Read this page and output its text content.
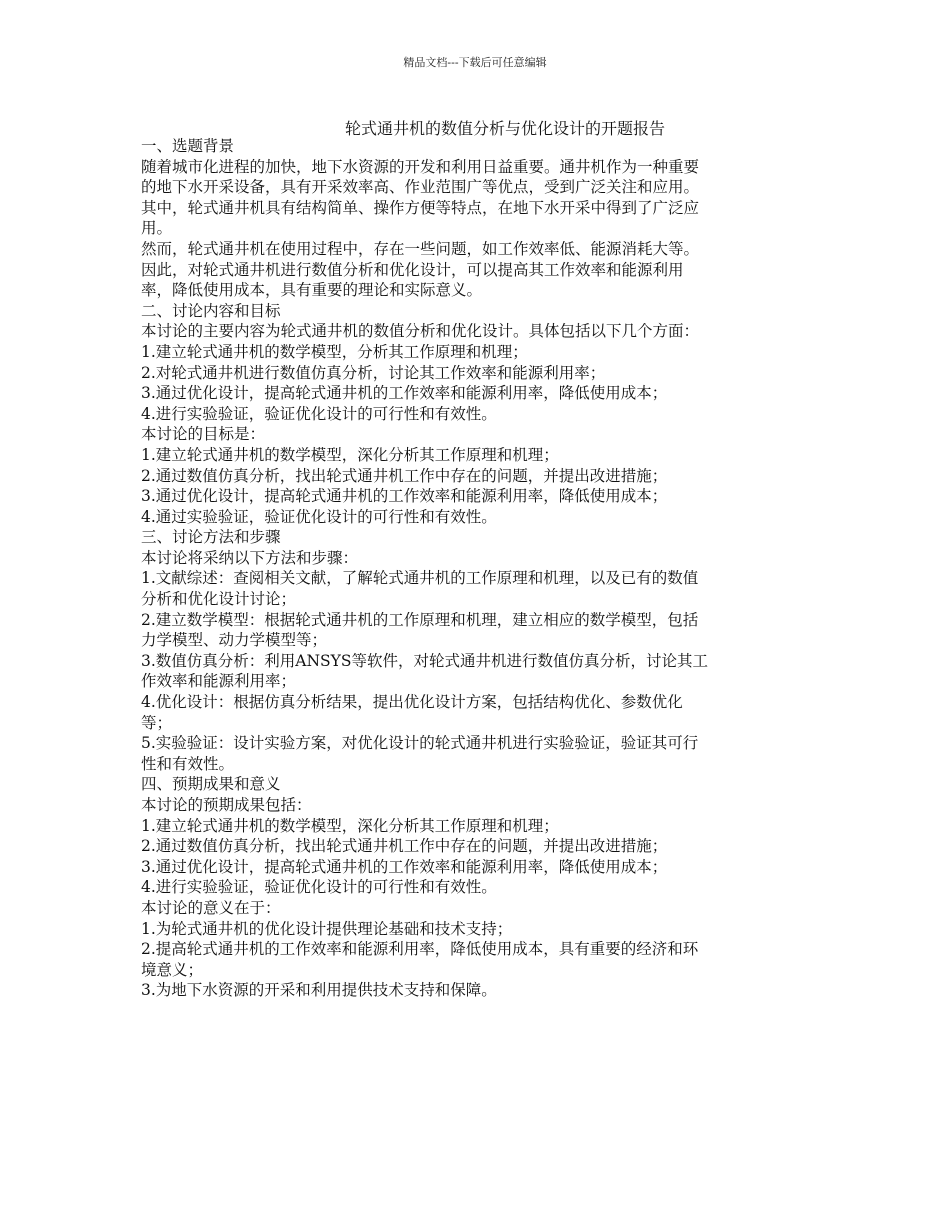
精品文档---下载后可任意编辑
轮式通井机的数值分析与优化设计的开题报告
一、选题背景
随着城市化进程的加快，地下水资源的开发和利用日益重要。通井机作为一种重要
的地下水开采设备，具有开采效率高、作业范围广等优点，受到广泛关注和应用。
其中，轮式通井机具有结构简单、操作方便等特点，在地下水开采中得到了广泛应
用。
然而，轮式通井机在使用过程中，存在一些问题，如工作效率低、能源消耗大等。
因此，对轮式通井机进行数值分析和优化设计，可以提高其工作效率和能源利用
率，降低使用成本，具有重要的理论和实际意义。
二、讨论内容和目标
本讨论的主要内容为轮式通井机的数值分析和优化设计。具体包括以下几个方面：
1.建立轮式通井机的数学模型，分析其工作原理和机理；
2.对轮式通井机进行数值仿真分析，讨论其工作效率和能源利用率；
3.通过优化设计，提高轮式通井机的工作效率和能源利用率，降低使用成本；
4.进行实验验证，验证优化设计的可行性和有效性。
本讨论的目标是：
1.建立轮式通井机的数学模型，深化分析其工作原理和机理；
2.通过数值仿真分析，找出轮式通井机工作中存在的问题，并提出改进措施；
3.通过优化设计，提高轮式通井机的工作效率和能源利用率，降低使用成本；
4.通过实验验证，验证优化设计的可行性和有效性。
三、讨论方法和步骤
本讨论将采纳以下方法和步骤：
1.文献综述：查阅相关文献，了解轮式通井机的工作原理和机理，以及已有的数值
分析和优化设计讨论；
2.建立数学模型：根据轮式通井机的工作原理和机理，建立相应的数学模型，包括
力学模型、动力学模型等；
3.数值仿真分析：利用ANSYS等软件，对轮式通井机进行数值仿真分析，讨论其工
作效率和能源利用率；
4.优化设计：根据仿真分析结果，提出优化设计方案，包括结构优化、参数优化
等；
5.实验验证：设计实验方案，对优化设计的轮式通井机进行实验验证，验证其可行
性和有效性。
四、预期成果和意义
本讨论的预期成果包括：
1.建立轮式通井机的数学模型，深化分析其工作原理和机理；
2.通过数值仿真分析，找出轮式通井机工作中存在的问题，并提出改进措施；
3.通过优化设计，提高轮式通井机的工作效率和能源利用率，降低使用成本；
4.进行实验验证，验证优化设计的可行性和有效性。
本讨论的意义在于：
1.为轮式通井机的优化设计提供理论基础和技术支持；
2.提高轮式通井机的工作效率和能源利用率，降低使用成本，具有重要的经济和环
境意义；
3.为地下水资源的开采和利用提供技术支持和保障。
